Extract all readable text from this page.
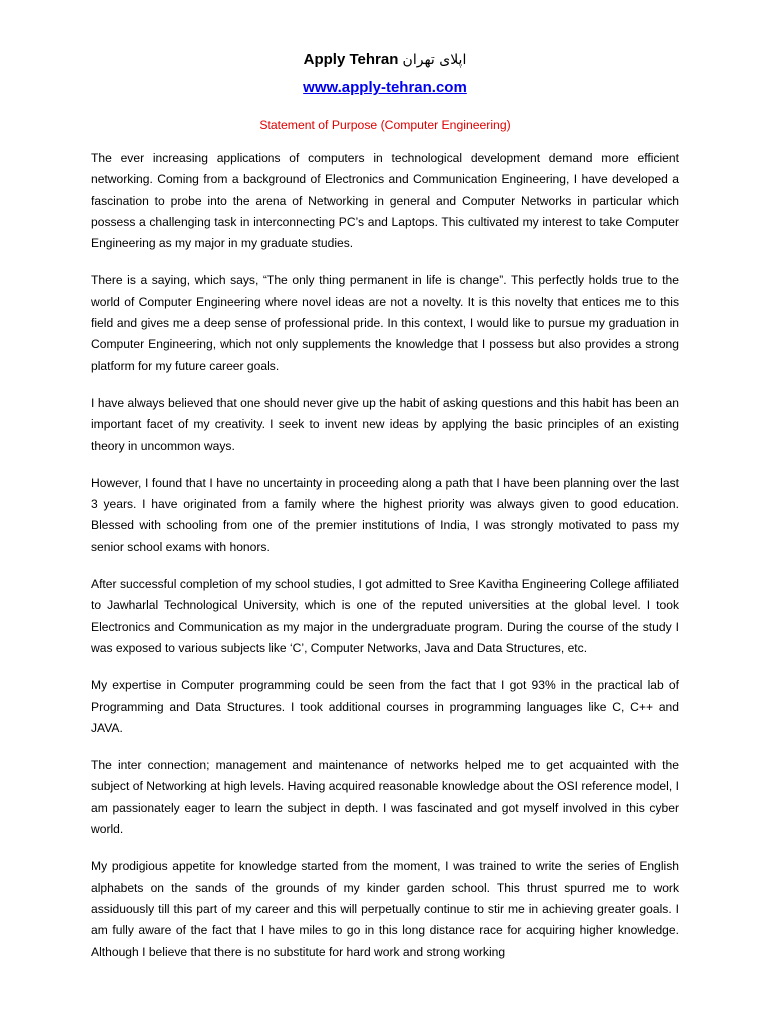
Apply Tehran اپلای تهران

www.apply-tehran.com
Statement of Purpose (Computer Engineering)

The ever increasing applications of computers in technological development demand more efficient networking. Coming from a background of Electronics and Communication Engineering, I have developed a fascination to probe into the arena of Networking in general and Computer Networks in particular which possess a challenging task in interconnecting PC’s and Laptops. This cultivated my interest to take Computer Engineering as my major in my graduate studies.

There is a saying, which says, “The only thing permanent in life is change”. This perfectly holds true to the world of Computer Engineering where novel ideas are not a novelty. It is this novelty that entices me to this field and gives me a deep sense of professional pride. In this context, I would like to pursue my graduation in Computer Engineering, which not only supplements the knowledge that I possess but also provides a strong platform for my future career goals.

I have always believed that one should never give up the habit of asking questions and this habit has been an important facet of my creativity. I seek to invent new ideas by applying the basic principles of an existing theory in uncommon ways.

However, I found that I have no uncertainty in proceeding along a path that I have been planning over the last 3 years. I have originated from a family where the highest priority was always given to good education. Blessed with schooling from one of the premier institutions of India, I was strongly motivated to pass my senior school exams with honors.

After successful completion of my school studies, I got admitted to Sree Kavitha Engineering College affiliated to Jawharlal Technological University, which is one of the reputed universities at the global level. I took Electronics and Communication as my major in the undergraduate program. During the course of the study I was exposed to various subjects like ‘C’, Computer Networks, Java and Data Structures, etc.

My expertise in Computer programming could be seen from the fact that I got 93% in the practical lab of Programming and Data Structures. I took additional courses in programming languages like C, C++ and JAVA.

The inter connection; management and maintenance of networks helped me to get acquainted with the subject of Networking at high levels. Having acquired reasonable knowledge about the OSI reference model, I am passionately eager to learn the subject in depth. I was fascinated and got myself involved in this cyber world.

My prodigious appetite for knowledge started from the moment, I was trained to write the series of English alphabets on the sands of the grounds of my kinder garden school. This thrust spurred me to work assiduously till this part of my career and this will perpetually continue to stir me in achieving greater goals. I am fully aware of the fact that I have miles to go in this long distance race for acquiring higher knowledge. Although I believe that there is no substitute for hard work and strong working
